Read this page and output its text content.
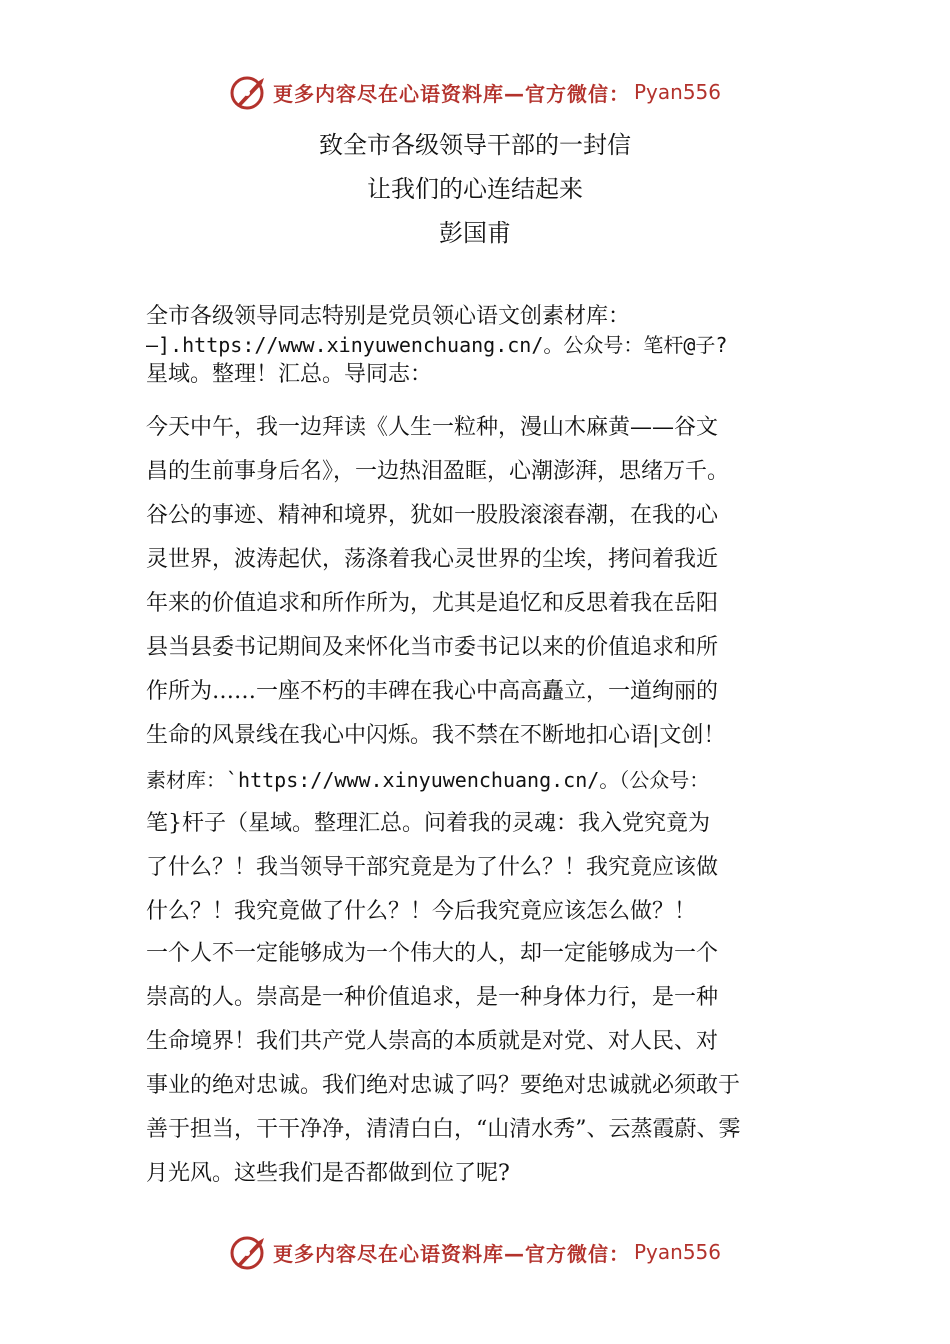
更多内容尽在心语资料库—官方微信： Pyan556
致全市各级领导干部的一封信
让我们的心连结起来
彭国甫
全市各级领导同志特别是党员领心语文创素材库：
—].https://www.xinyuwenchuang.cn/。公众号：笔杆@子?
星域。整理！汇总。导同志：
今天中午，我一边拜读《人生一粒种，漫山木麻黄——谷文
昌的生前事身后名》，一边热泪盈眶，心潮澎湃，思绪万千。
谷公的事迹、精神和境界，犹如一股股滚滚春潮，在我的心
灵世界，波涛起伏，荡涤着我心灵世界的尘埃，拷问着我近
年来的价值追求和所作所为，尤其是追忆和反思着我在岳阳
县当县委书记期间及来怀化当市委书记以来的价值追求和所
作所为……一座不朽的丰碑在我心中高高矗立，一道绚丽的
生命的风景线在我心中闪烁。我不禁在不断地扣心语|文创！
素材库：`https://www.xinyuwenchuang.cn/。（公众号：
笔}杆子（星域。整理汇总。问着我的灵魂：我入党究竟为
了什么？！我当领导干部究竟是为了什么？！我究竟应该做
什么？！我究竟做了什么？！今后我究竟应该怎么做？！
一个人不一定能够成为一个伟大的人，却一定能够成为一个
崇高的人。崇高是一种价值追求，是一种身体力行，是一种
生命境界！我们共产党人崇高的本质就是对党、对人民、对
事业的绝对忠诚。我们绝对忠诚了吗？要绝对忠诚就必须敢于
善于担当，干干净净，清清白白，“山清水秀”、云蒸霞蔚、霁
月光风。这些我们是否都做到位了呢?
更多内容尽在心语资料库—官方微信： Pyan556
